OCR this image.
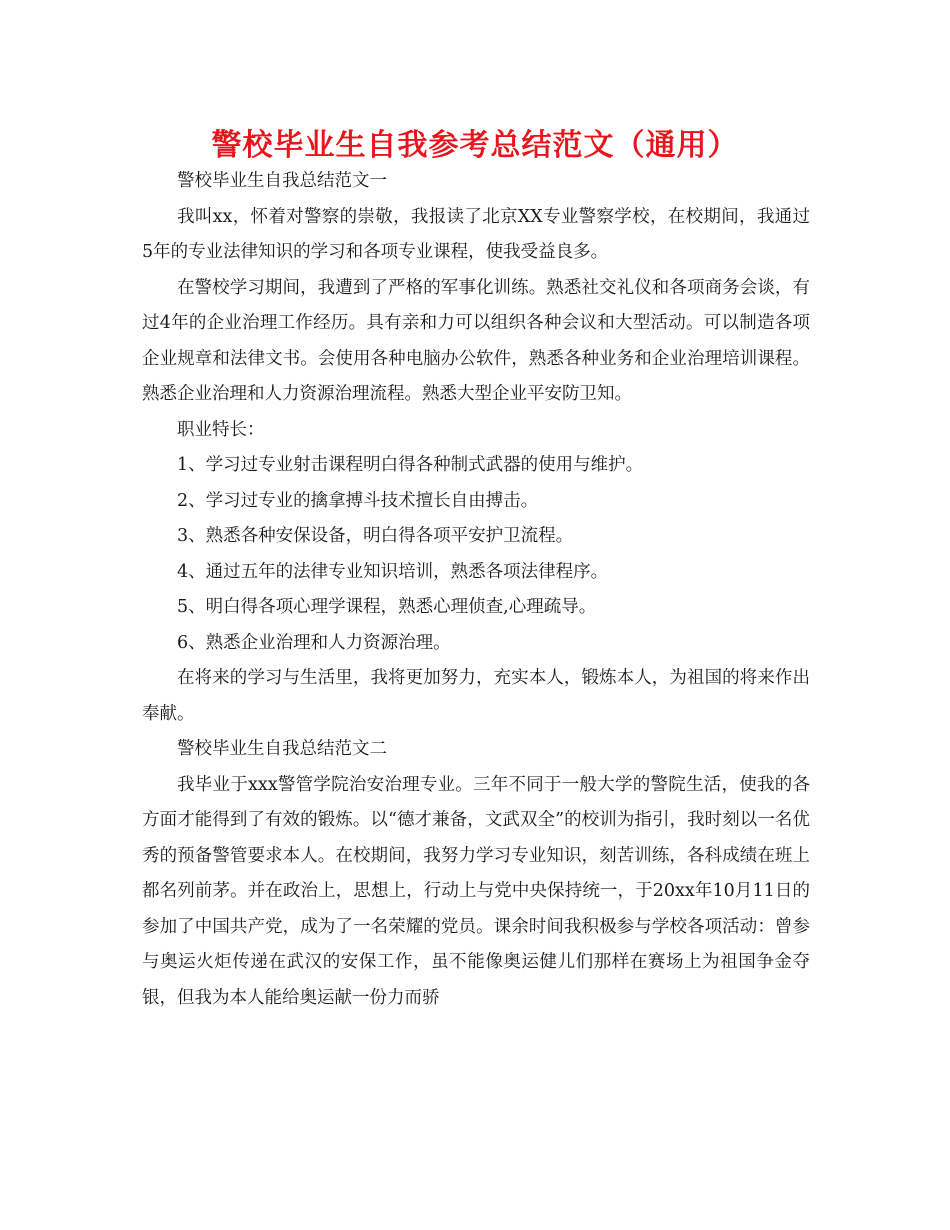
警校毕业生自我参考总结范文（通用）

警校毕业生自我总结范文一

我叫xx，怀着对警察的崇敬，我报读了北京XX专业警察学校，在校期间，我通过5年的专业法律知识的学习和各项专业课程，使我受益良多。

在警校学习期间，我遭到了严格的军事化训练。熟悉社交礼仪和各项商务会谈，有过4年的企业治理工作经历。具有亲和力可以组织各种会议和大型活动。可以制造各项企业规章和法律文书。会使用各种电脑办公软件，熟悉各种业务和企业治理培训课程。熟悉企业治理和人力资源治理流程。熟悉大型企业平安防卫知。

职业特长：

1、学习过专业射击课程明白得各种制式武器的使用与维护。

2、学习过专业的擒拿搏斗技术擅长自由搏击。

3、熟悉各种安保设备，明白得各项平安护卫流程。

4、通过五年的法律专业知识培训，熟悉各项法律程序。

5、明白得各项心理学课程，熟悉心理侦查,心理疏导。

6、熟悉企业治理和人力资源治理。

在将来的学习与生活里，我将更加努力，充实本人，锻炼本人，为祖国的将来作出奉献。

警校毕业生自我总结范文二

我毕业于xxx警管学院治安治理专业。三年不同于一般大学的警院生活，使我的各方面才能得到了有效的锻炼。以“德才兼备，文武双全”的校训为指引，我时刻以一名优秀的预备警管要求本人。在校期间，我努力学习专业知识，刻苦训练，各科成绩在班上都名列前茅。并在政治上，思想上，行动上与党中央保持统一，于20xx年10月11日的参加了中国共产党，成为了一名荣耀的党员。课余时间我积极参与学校各项活动：曾参与奥运火炬传递在武汉的安保工作，虽不能像奥运健儿们那样在赛场上为祖国争金夺银，但我为本人能给奥运献一份力而骄
